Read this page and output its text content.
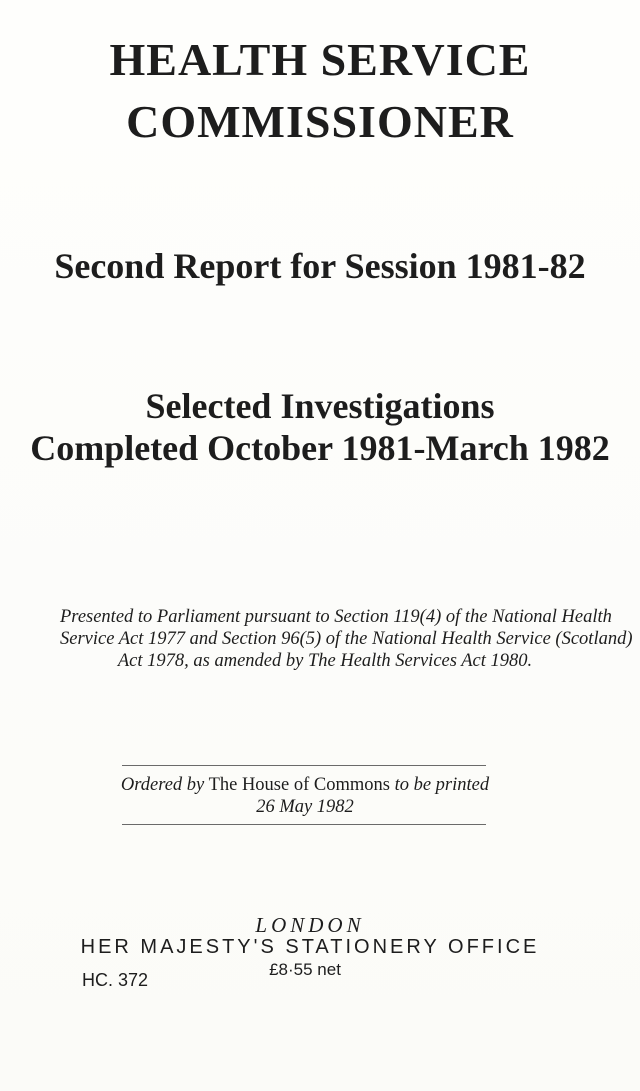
HEALTH SERVICE
COMMISSIONER
Second Report for Session 1981-82
Selected Investigations
Completed October 1981-March 1982
Presented to Parliament pursuant to Section 119(4) of the National Health
Service Act 1977 and Section 96(5) of the National Health Service (Scotland)
Act 1978, as amended by The Health Services Act 1980.
Ordered by The House of Commons to be printed
26 May 1982
LONDON
HER MAJESTY'S STATIONERY OFFICE
£8·55 net
HC. 372
